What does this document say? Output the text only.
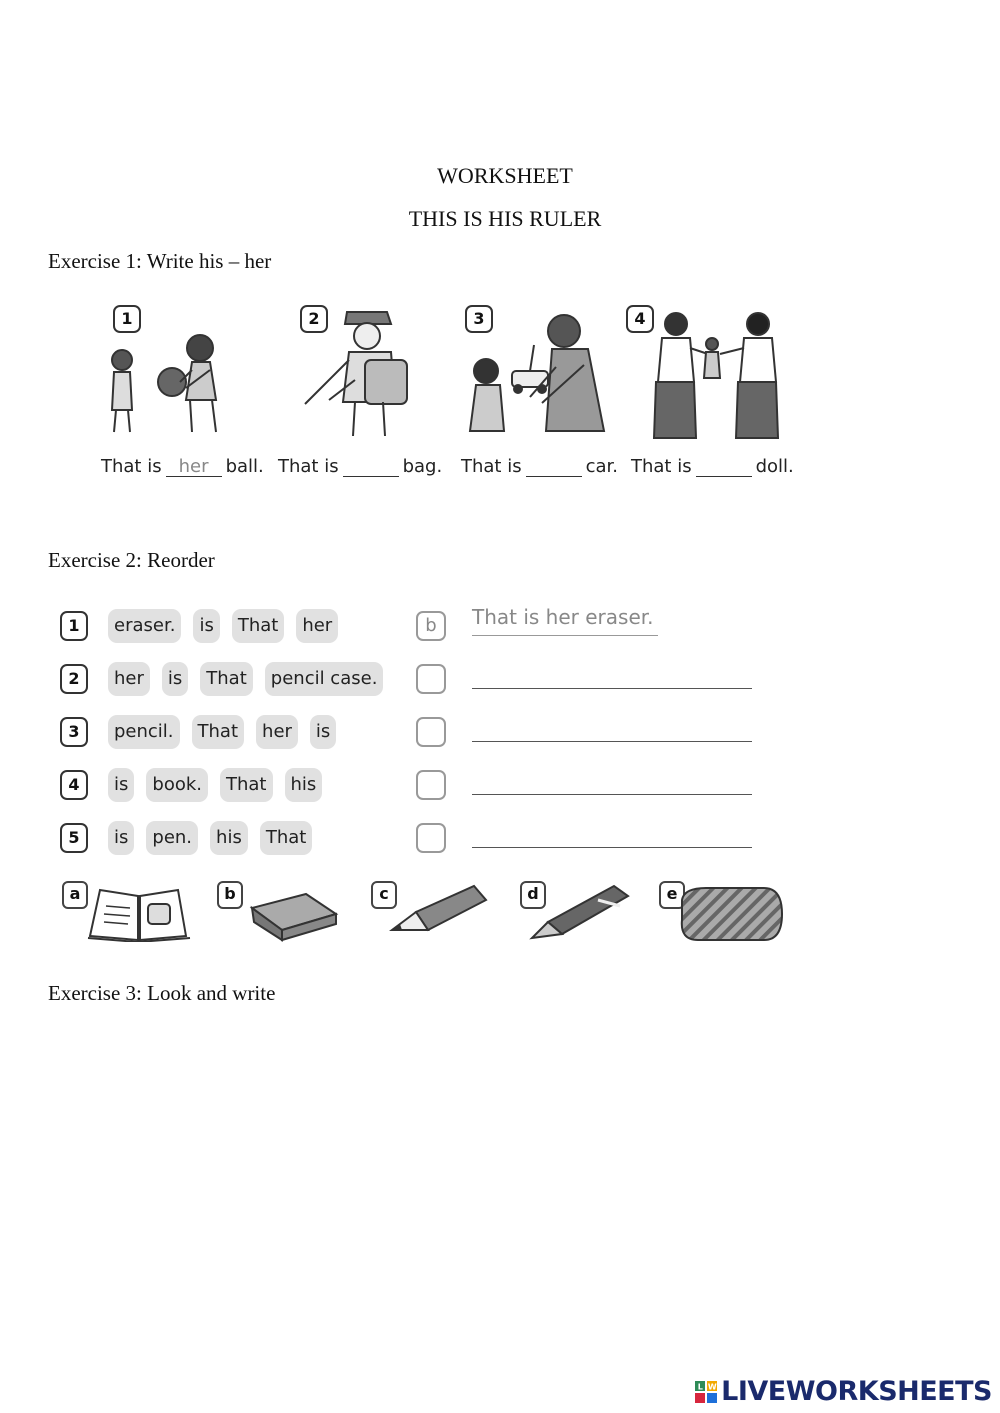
WORKSHEET
THIS IS HIS RULER
Exercise 1: Write his – her
1	2	3	4
That is her ball. That is	bag. That is	car. That is	doll.
Exercise 2: Reorder
1	eraser.	is	That	her	b	That is her eraser.
2	her	is	That	pencil case.
3	pencil.	That	her	is
4	is	book.	That	his
5	is	pen.	his	That
a	b	c	d	e
Exercise 3: Look and write
L W LIVEWORKSHEETS
